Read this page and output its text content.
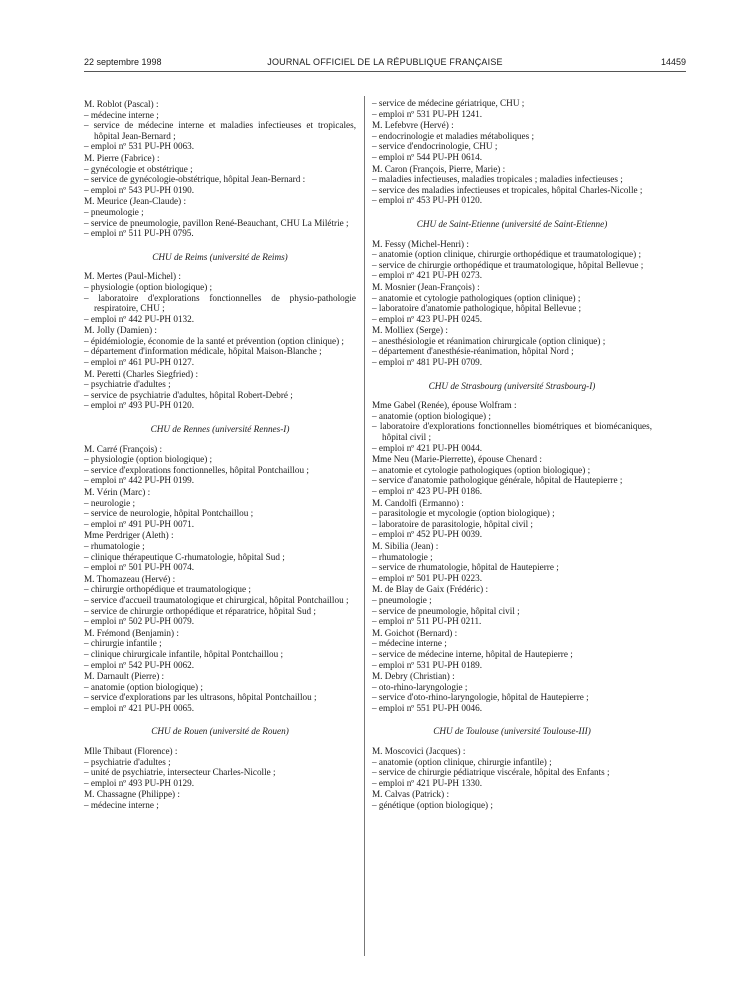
22 septembre 1998	JOURNAL OFFICIEL DE LA RÉPUBLIQUE FRANÇAISE	14459
M. Roblot (Pascal) :
– médecine interne ;
– service de médecine interne et maladies infectieuses et tropicales, hôpital Jean-Bernard ;
– emploi nº 531 PU-PH 0063.
M. Pierre (Fabrice) :
– gynécologie et obstétrique ;
– service de gynécologie-obstétrique, hôpital Jean-Bernard :
– emploi nº 543 PU-PH 0190.
M. Meurice (Jean-Claude) :
– pneumologie ;
– service de pneumologie, pavillon René-Beauchant, CHU La Milétrie ;
– emploi nº 511 PU-PH 0795.
CHU de Reims (université de Reims)
M. Mertes (Paul-Michel) :
– physiologie (option biologique) ;
– laboratoire d'explorations fonctionnelles de physio-pathologie respiratoire, CHU ;
– emploi nº 442 PU-PH 0132.
M. Jolly (Damien) :
– épidémiologie, économie de la santé et prévention (option clinique) ;
– département d'information médicale, hôpital Maison-Blanche ;
– emploi nº 461 PU-PH 0127.
M. Peretti (Charles Siegfried) :
– psychiatrie d'adultes ;
– service de psychiatrie d'adultes, hôpital Robert-Debré ;
– emploi nº 493 PU-PH 0120.
CHU de Rennes (université Rennes-I)
M. Carré (François) :
– physiologie (option biologique) ;
– service d'explorations fonctionnelles, hôpital Pontchaillou ;
– emploi nº 442 PU-PH 0199.
M. Vérin (Marc) :
– neurologie ;
– service de neurologie, hôpital Pontchaillou ;
– emploi nº 491 PU-PH 0071.
Mme Perdriger (Aleth) :
– rhumatologie ;
– clinique thérapeutique C-rhumatologie, hôpital Sud ;
– emploi nº 501 PU-PH 0074.
M. Thomazeau (Hervé) :
– chirurgie orthopédique et traumatologique ;
– service d'accueil traumatologique et chirurgical, hôpital Pontchaillou ;
– service de chirurgie orthopédique et réparatrice, hôpital Sud ;
– emploi nº 502 PU-PH 0079.
M. Frémond (Benjamin) :
– chirurgie infantile ;
– clinique chirurgicale infantile, hôpital Pontchaillou ;
– emploi nº 542 PU-PH 0062.
M. Darnault (Pierre) :
– anatomie (option biologique) ;
– service d'explorations par les ultrasons, hôpital Pontchaillou ;
– emploi nº 421 PU-PH 0065.
CHU de Rouen (université de Rouen)
Mlle Thibaut (Florence) :
– psychiatrie d'adultes ;
– unité de psychiatrie, intersecteur Charles-Nicolle ;
– emploi nº 493 PU-PH 0129.
M. Chassagne (Philippe) :
– médecine interne ;
– service de médecine gériatrique, CHU ;
– emploi nº 531 PU-PH 1241.
M. Lefebvre (Hervé) :
– endocrinologie et maladies métaboliques ;
– service d'endocrinologie, CHU ;
– emploi nº 544 PU-PH 0614.
M. Caron (François, Pierre, Marie) :
– maladies infectieuses, maladies tropicales ; maladies infectieuses ;
– service des maladies infectieuses et tropicales, hôpital Charles-Nicolle ;
– emploi nº 453 PU-PH 0120.
CHU de Saint-Etienne (université de Saint-Etienne)
M. Fessy (Michel-Henri) :
– anatomie (option clinique, chirurgie orthopédique et traumatologique) ;
– service de chirurgie orthopédique et traumatologique, hôpital Bellevue ;
– emploi nº 421 PU-PH 0273.
M. Mosnier (Jean-François) :
– anatomie et cytologie pathologiques (option clinique) ;
– laboratoire d'anatomie pathologique, hôpital Bellevue ;
– emploi nº 423 PU-PH 0245.
M. Molliex (Serge) :
– anesthésiologie et réanimation chirurgicale (option clinique) ;
– département d'anesthésie-réanimation, hôpital Nord ;
– emploi nº 481 PU-PH 0709.
CHU de Strasbourg (université Strasbourg-I)
Mme Gabel (Renée), épouse Wolfram :
– anatomie (option biologique) ;
– laboratoire d'explorations fonctionnelles biométriques et biomécaniques, hôpital civil ;
– emploi nº 421 PU-PH 0044.
Mme Neu (Marie-Pierrette), épouse Chenard :
– anatomie et cytologie pathologiques (option biologique) ;
– service d'anatomie pathologique générale, hôpital de Hautepierre ;
– emploi nº 423 PU-PH 0186.
M. Candolfi (Ermanno) :
– parasitologie et mycologie (option biologique) ;
– laboratoire de parasitologie, hôpital civil ;
– emploi nº 452 PU-PH 0039.
M. Sibilia (Jean) :
– rhumatologie ;
– service de rhumatologie, hôpital de Hautepierre ;
– emploi nº 501 PU-PH 0223.
M. de Blay de Gaix (Frédéric) :
– pneumologie ;
– service de pneumologie, hôpital civil ;
– emploi nº 511 PU-PH 0211.
M. Goichot (Bernard) :
– médecine interne ;
– service de médecine interne, hôpital de Hautepierre ;
– emploi nº 531 PU-PH 0189.
M. Debry (Christian) :
– oto-rhino-laryngologie ;
– service d'oto-rhino-laryngologie, hôpital de Hautepierre ;
– emploi nº 551 PU-PH 0046.
CHU de Toulouse (université Toulouse-III)
M. Moscovici (Jacques) :
– anatomie (option clinique, chirurgie infantile) ;
– service de chirurgie pédiatrique viscérale, hôpital des Enfants ;
– emploi nº 421 PU-PH 1330.
M. Calvas (Patrick) :
– génétique (option biologique) ;
